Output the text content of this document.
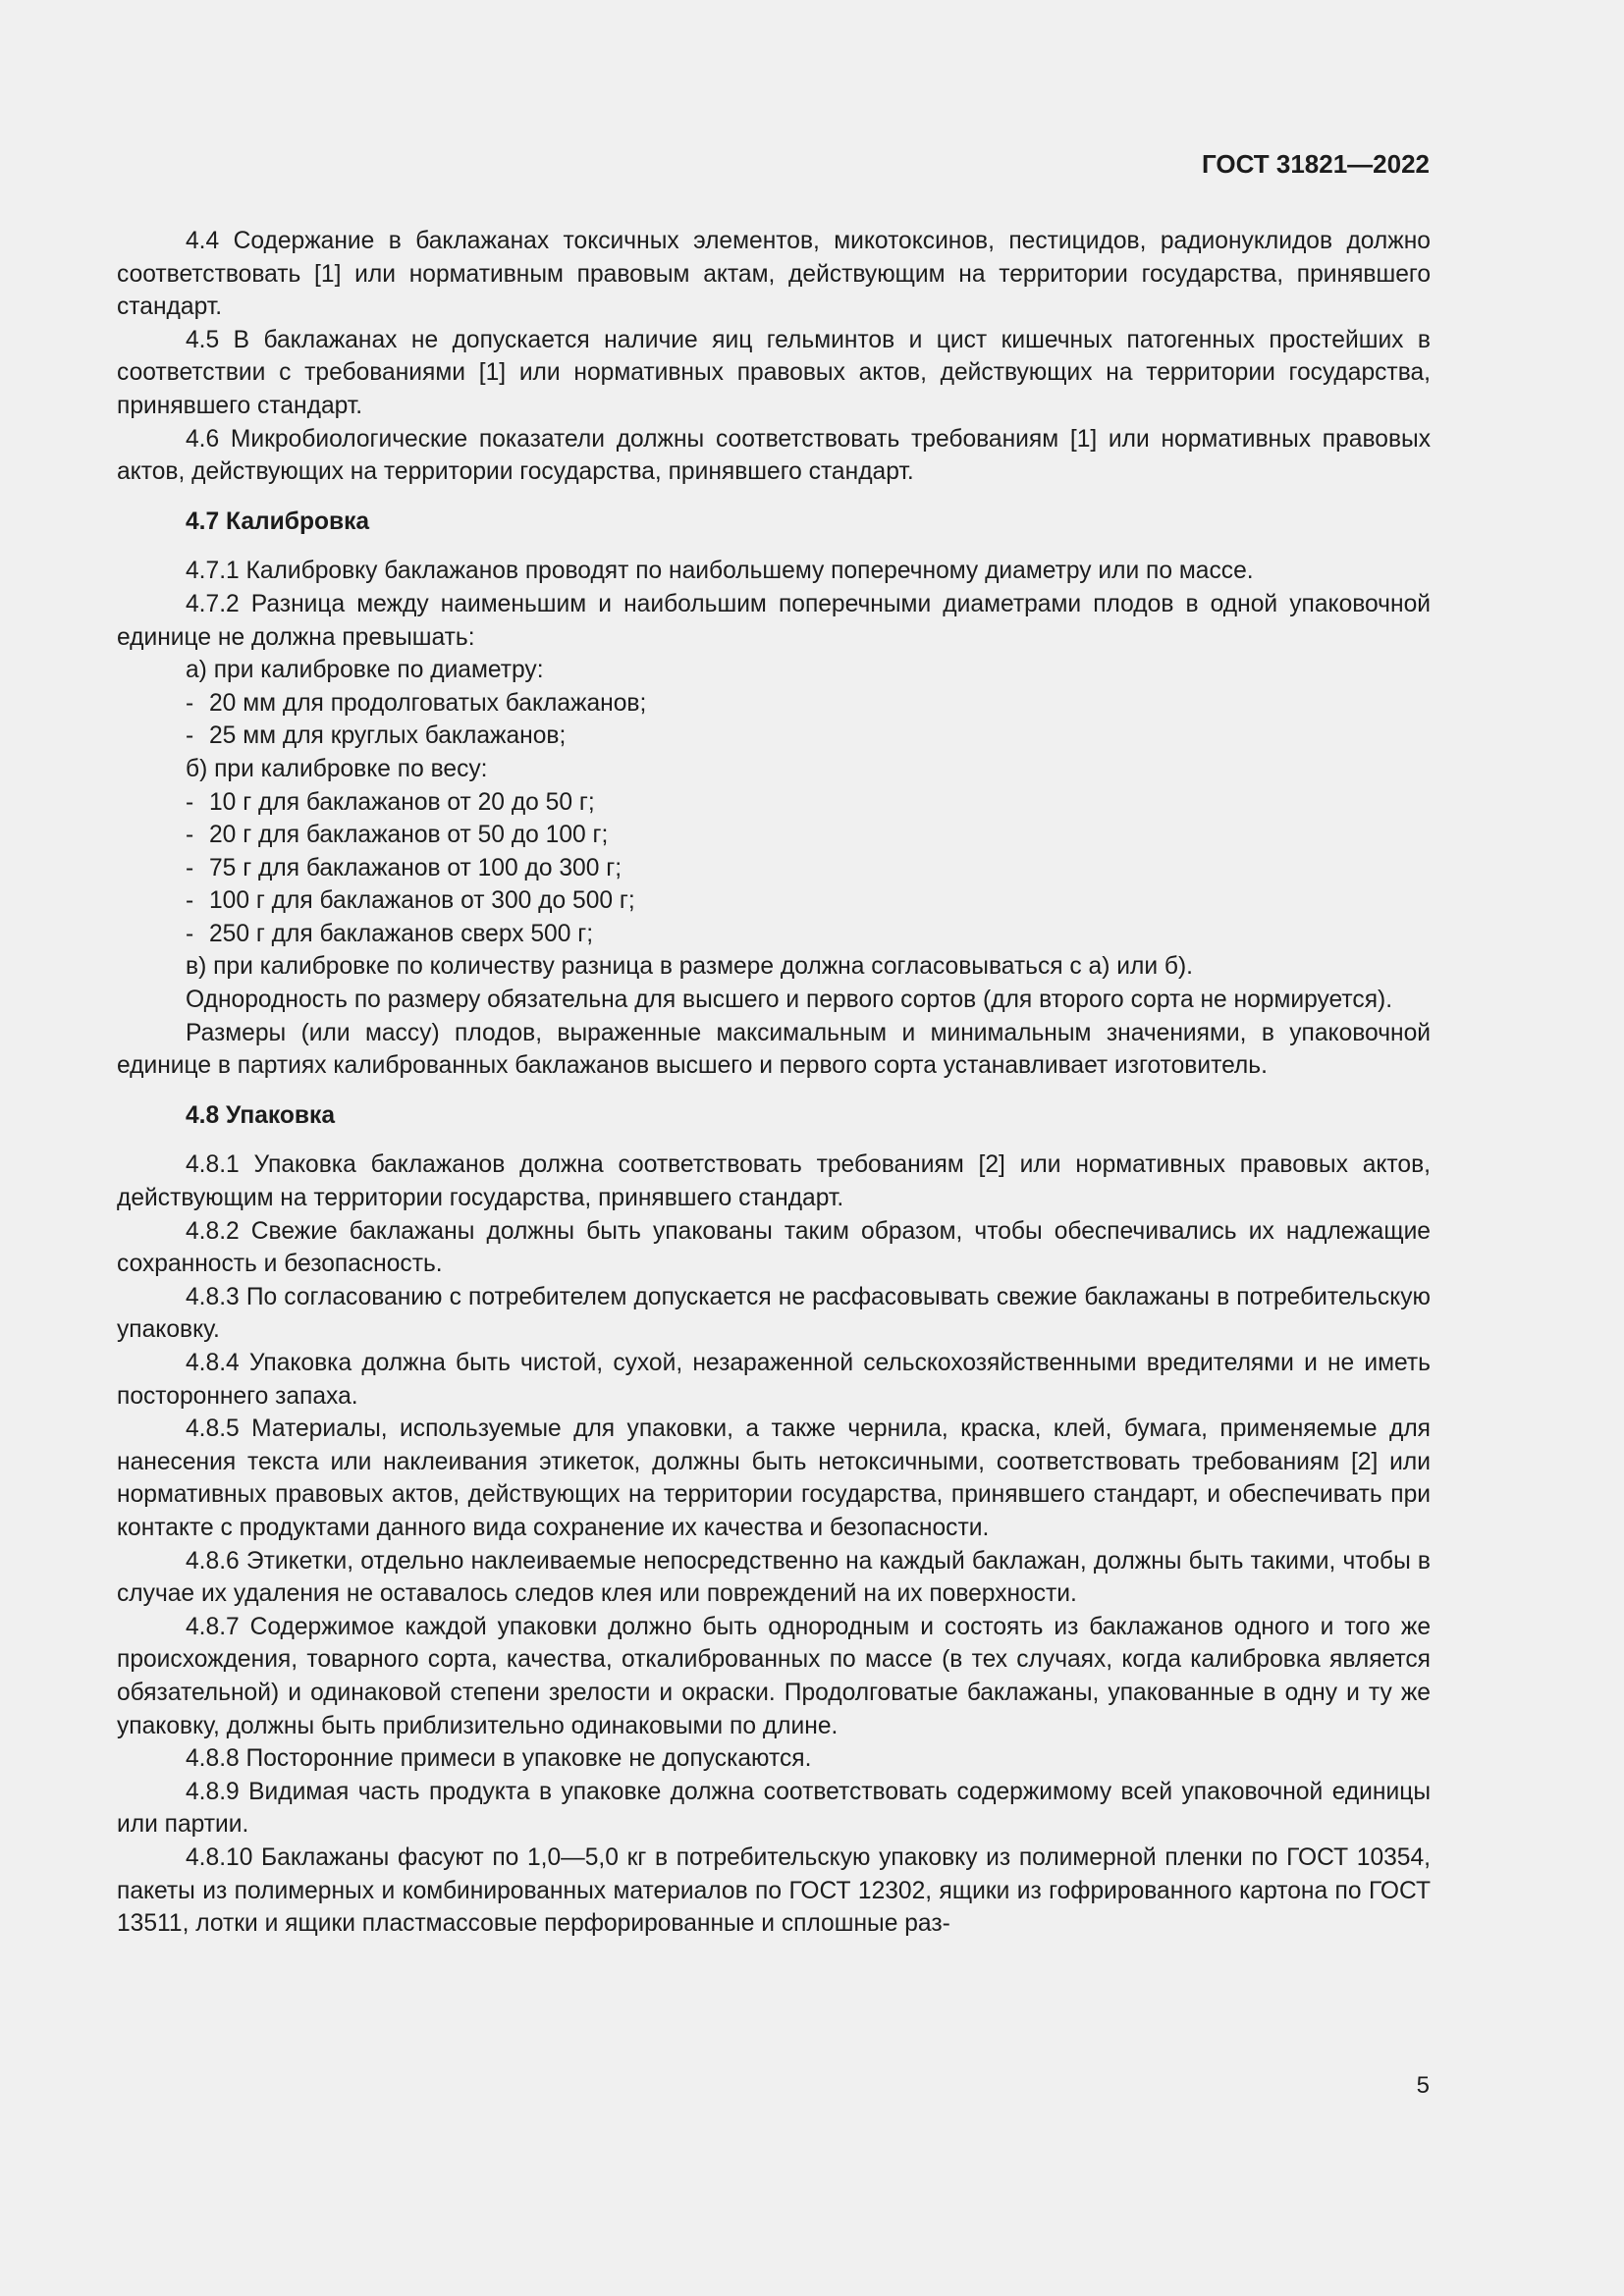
ГОСТ 31821—2022

4.4 Содержание в баклажанах токсичных элементов, микотоксинов, пестицидов, радионуклидов должно соответствовать [1] или нормативным правовым актам, действующим на территории государства, принявшего стандарт.

4.5 В баклажанах не допускается наличие яиц гельминтов и цист кишечных патогенных простейших в соответствии с требованиями [1] или нормативных правовых актов, действующих на территории государства, принявшего стандарт.

4.6 Микробиологические показатели должны соответствовать требованиям [1] или нормативных правовых актов, действующих на территории государства, принявшего стандарт.

4.7 Калибровка

4.7.1 Калибровку баклажанов проводят по наибольшему поперечному диаметру или по массе.

4.7.2 Разница между наименьшим и наибольшим поперечными диаметрами плодов в одной упаковочной единице не должна превышать:

а) при калибровке по диаметру:

- 20 мм для продолговатых баклажанов;

- 25 мм для круглых баклажанов;

б) при калибровке по весу:

- 10 г для баклажанов от 20 до 50 г;

- 20 г для баклажанов от 50 до 100 г;

- 75 г для баклажанов от 100 до 300 г;

- 100 г для баклажанов от 300 до 500 г;

- 250 г для баклажанов сверх 500 г;

в) при калибровке по количеству разница в размере должна согласовываться с а) или б).

Однородность по размеру обязательна для высшего и первого сортов (для второго сорта не нормируется).

Размеры (или массу) плодов, выраженные максимальным и минимальным значениями, в упаковочной единице в партиях калиброванных баклажанов высшего и первого сорта устанавливает изготовитель.

4.8 Упаковка

4.8.1 Упаковка баклажанов должна соответствовать требованиям [2] или нормативных правовых актов, действующим на территории государства, принявшего стандарт.

4.8.2 Свежие баклажаны должны быть упакованы таким образом, чтобы обеспечивались их надлежащие сохранность и безопасность.

4.8.3 По согласованию с потребителем допускается не расфасовывать свежие баклажаны в потребительскую упаковку.

4.8.4 Упаковка должна быть чистой, сухой, незараженной сельскохозяйственными вредителями и не иметь постороннего запаха.

4.8.5 Материалы, используемые для упаковки, а также чернила, краска, клей, бумага, применяемые для нанесения текста или наклеивания этикеток, должны быть нетоксичными, соответствовать требованиям [2] или нормативных правовых актов, действующих на территории государства, принявшего стандарт, и обеспечивать при контакте с продуктами данного вида сохранение их качества и безопасности.

4.8.6 Этикетки, отдельно наклеиваемые непосредственно на каждый баклажан, должны быть такими, чтобы в случае их удаления не оставалось следов клея или повреждений на их поверхности.

4.8.7 Содержимое каждой упаковки должно быть однородным и состоять из баклажанов одного и того же происхождения, товарного сорта, качества, откалиброванных по массе (в тех случаях, когда калибровка является обязательной) и одинаковой степени зрелости и окраски. Продолговатые баклажаны, упакованные в одну и ту же упаковку, должны быть приблизительно одинаковыми по длине.

4.8.8 Посторонние примеси в упаковке не допускаются.

4.8.9 Видимая часть продукта в упаковке должна соответствовать содержимому всей упаковочной единицы или партии.

4.8.10 Баклажаны фасуют по 1,0—5,0 кг в потребительскую упаковку из полимерной пленки по ГОСТ 10354, пакеты из полимерных и комбинированных материалов по ГОСТ 12302, ящики из гофрированного картона по ГОСТ 13511, лотки и ящики пластмассовые перфорированные и сплошные раз-

5
